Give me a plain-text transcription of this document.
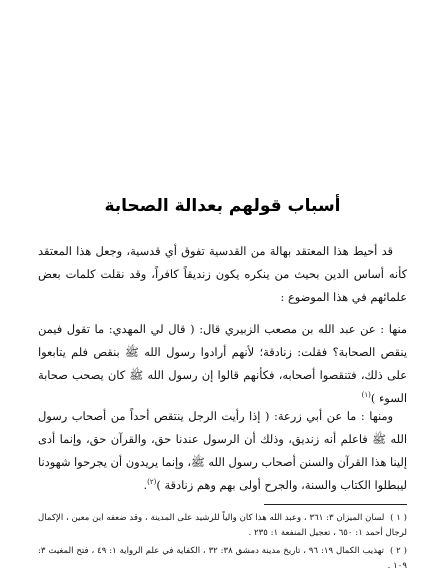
أسباب قولهم بعدالة الصحابة

قد أحيط هذا المعتقد بهالة من القدسية تفوق أي قدسية، وجعل هذا المعتقد كأنه أساس الدين بحيث من ينكره يكون زنديقاً كافراً، وقد نقلت كلمات بعض علمائهم في هذا الموضوع :

منها : عن عبد الله بن مصعب الزبيري قال: ( قال لي المهدي: ما تقول فيمن ينقص الصحابة؟ فقلت: زنادقة؛ لأنهم أرادوا رسول الله ﷺ بنقص فلم يتابعوا على ذلك، فتنقصوا أصحابه، فكأنهم قالوا إن رسول الله ﷺ كان يصحب صحابة السوء )$^{(١)}$

ومنها : ما عن أبي زرعة: ( إذا رأيت الرجل ينتقص أحداً من أصحاب رسول الله ﷺ فاعلم أنه زنديق، وذلك أن الرسول عندنا حق، والقرآن حق، وإنما أدى إلينا هذا القرآن والسنن أصحاب رسول الله ﷺ، وإنما يريدون أن يجرحوا شهودنا ليبطلوا الكتاب والسنة، والجرح أولى بهم وهم زنادقة )$^{(٢)}$.

( ١ ) لسان الميزان ٣: ٣٦١ ، وعبد الله هذا كان والياً للرشيد على المدينة ، وقد ضعفه ابن معين ، الإكمال لرجال أحمد ١: ٦٥٠ ، تعجيل المنفعة ١: ٢٣٥ .

( ٢ ) تهذيب الكمال ١٩: ٩٦ ، تاريخ مدينة دمشق ٣٨: ٣٢ ، الكفاية في علم الرواية ١: ٤٩ ، فتح المغيث ٣: ١٠٩ .
